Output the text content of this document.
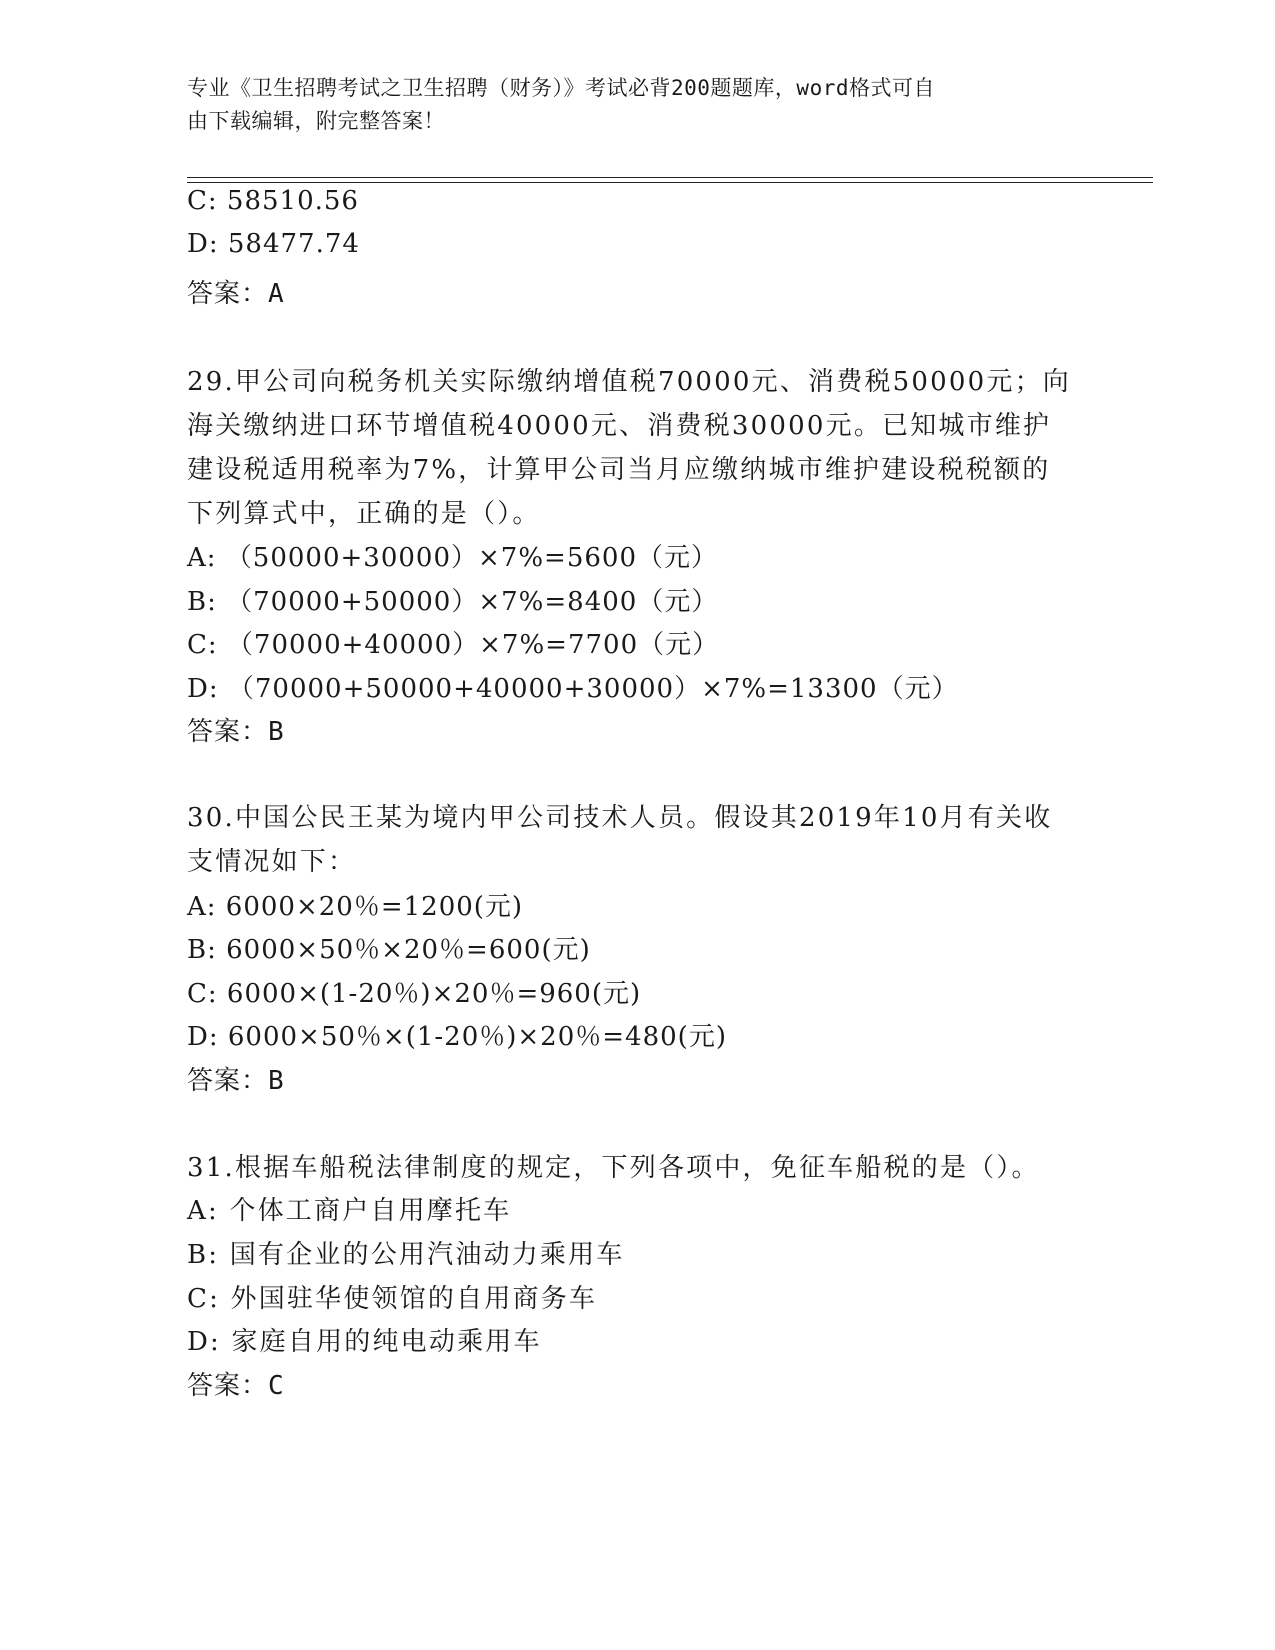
专业《卫生招聘考试之卫生招聘（财务）》考试必背200题题库，word格式可自
由下载编辑，附完整答案！
C: 58510.56
D: 58477.74
答案：A
29.甲公司向税务机关实际缴纳增值税70000元、消费税50000元；向
海关缴纳进口环节增值税40000元、消费税30000元。已知城市维护
建设税适用税率为7%，计算甲公司当月应缴纳城市维护建设税税额的
下列算式中，正确的是（）。
A: （50000+30000）×7%=5600（元）
B: （70000+50000）×7%=8400（元）
C: （70000+40000）×7%=7700（元）
D: （70000+50000+40000+30000）×7%=13300（元）
答案：B
30.中国公民王某为境内甲公司技术人员。假设其2019年10月有关收
支情况如下：
A: 6000×20％=1200(元)
B: 6000×50％×20％=600(元)
C: 6000×(1-20％)×20％=960(元)
D: 6000×50％×(1-20％)×20％=480(元)
答案：B
31.根据车船税法律制度的规定，下列各项中，免征车船税的是（）。
A: 个体工商户自用摩托车
B: 国有企业的公用汽油动力乘用车
C: 外国驻华使领馆的自用商务车
D: 家庭自用的纯电动乘用车
答案：C
